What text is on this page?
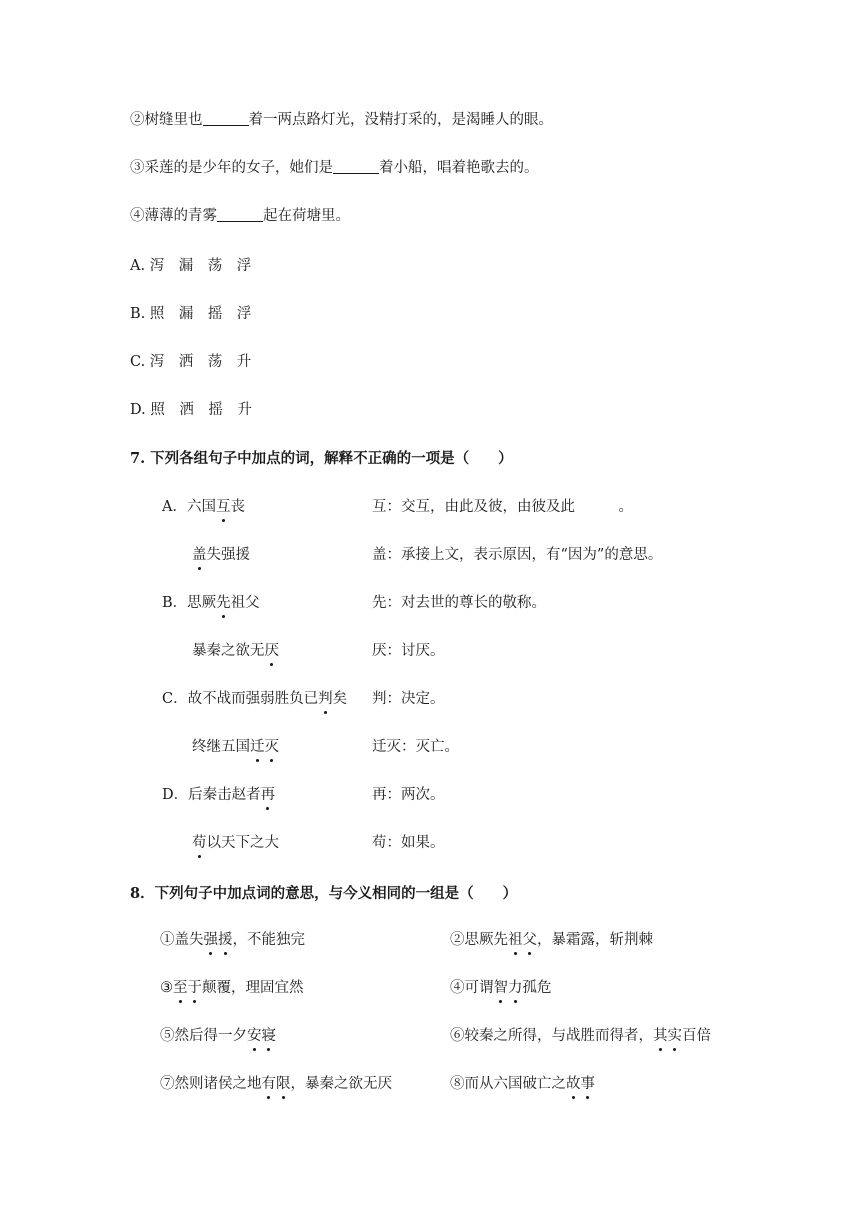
②树缝里也	着一两点路灯光，没精打采的，是渴睡人的眼。
③采莲的是少年的女子，她们是	着小船，唱着艳歌去的。
④薄薄的青雾	起在荷塘里。
A. 泻　漏　荡　浮
B. 照　漏　摇　浮
C. 泻　洒　荡　升
D. 照　洒　摇　升
7. 下列各组句子中加点的词，解释不正确的一项是（　　）
A．六国互丧	互：交互，由此及彼，由彼及此　　　。
盖失强援	盖：承接上文，表示原因，有“因为”的意思。
B．思厥先祖父	先：对去世的尊长的敬称。
暴秦之欲无厌	厌：讨厌。
C．故不战而强弱胜负已判矣 判：决定。
终继五国迁灭	迁灭：灭亡。
D．后秦击赵者再	再：两次。
苟以天下之大	苟：如果。
8．下列句子中加点词的意思，与今义相同的一组是（　　）
①盖失强援，不能独完	②思厥先祖父，暴霜露，斩荆棘
③至于颠覆，理固宜然	④可谓智力孤危
⑤然后得一夕安寝	⑥较秦之所得，与战胜而得者，其实百倍
⑦然则诸侯之地有限，暴秦之欲无厌	⑧而从六国破亡之故事
